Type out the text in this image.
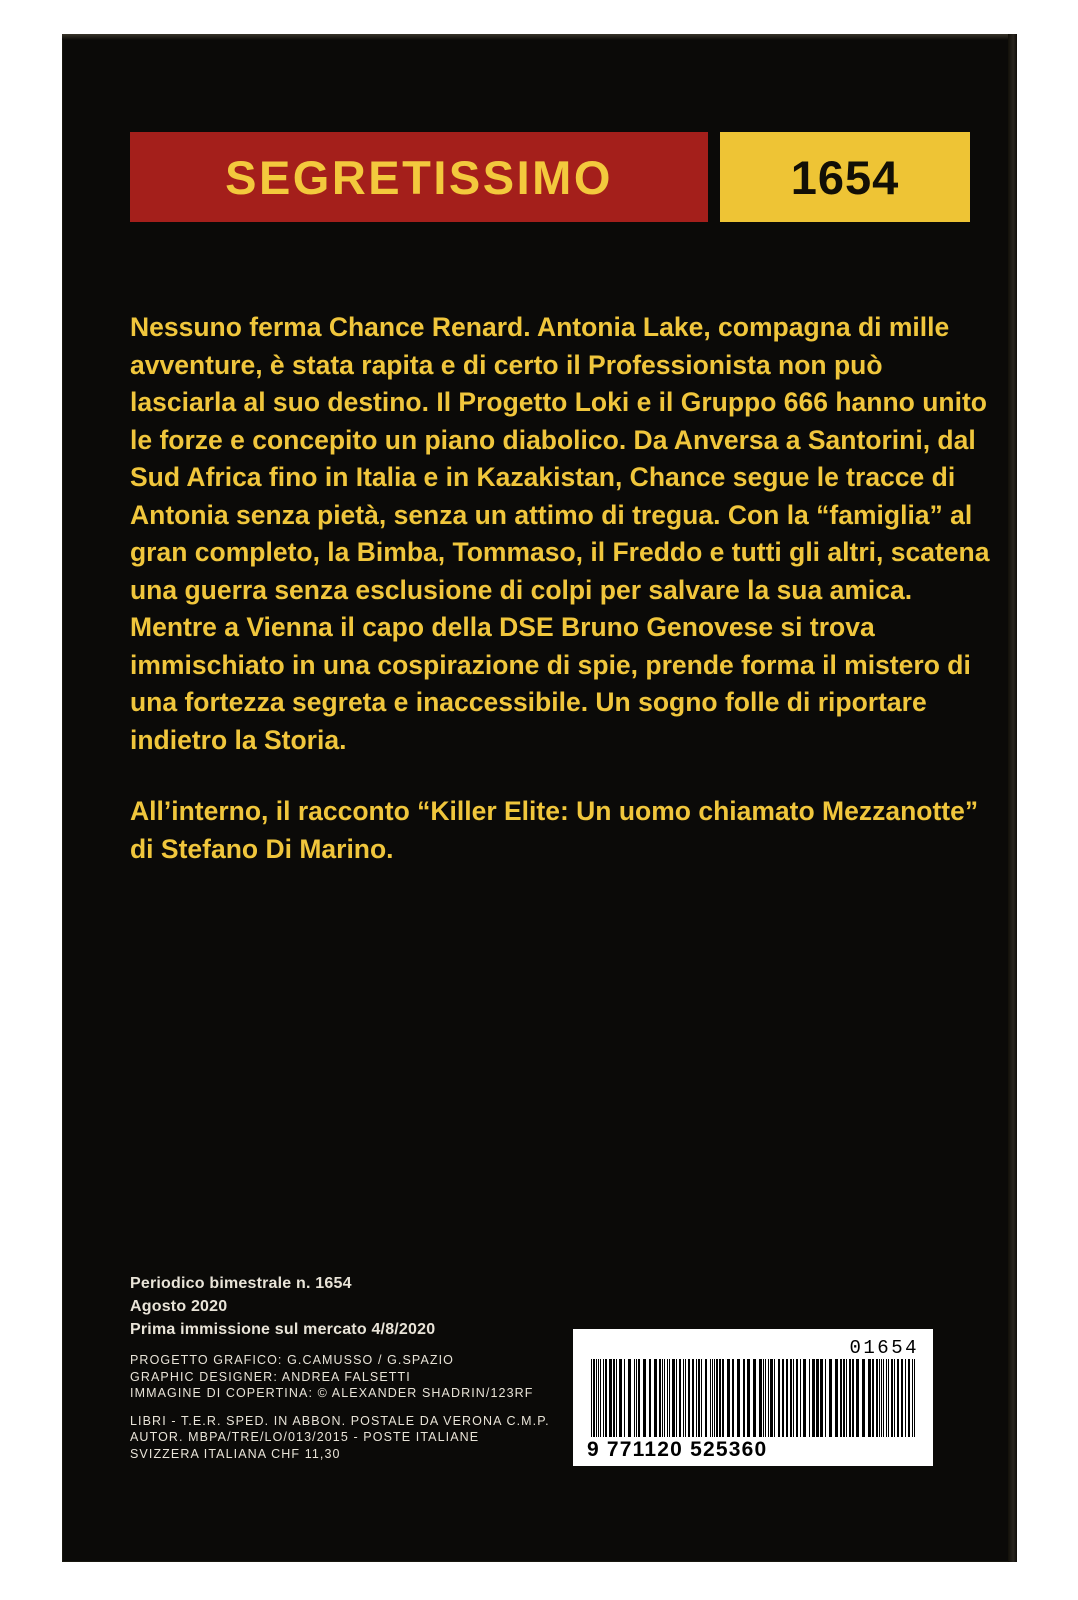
SEGRETISSIMO	1654

Nessuno ferma Chance Renard. Antonia Lake, compagna di mille avventure, è stata rapita e di certo il Professionista non può lasciarla al suo destino. Il Progetto Loki e il Gruppo 666 hanno unito le forze e concepito un piano diabolico. Da Anversa a Santorini, dal Sud Africa fino in Italia e in Kazakistan, Chance segue le tracce di Antonia senza pietà, senza un attimo di tregua. Con la “famiglia” al gran completo, la Bimba, Tommaso, il Freddo e tutti gli altri, scatena una guerra senza esclusione di colpi per salvare la sua amica. Mentre a Vienna il capo della DSE Bruno Genovese si trova immischiato in una cospirazione di spie, prende forma il mistero di una fortezza segreta e inaccessibile. Un sogno folle di riportare indietro la Storia.

All’interno, il racconto “Killer Elite: Un uomo chiamato Mezzanotte” di Stefano Di Marino.

Periodico bimestrale n. 1654
Agosto 2020
Prima immissione sul mercato 4/8/2020
PROGETTO GRAFICO: G.CAMUSSO / G.SPAZIO
GRAPHIC DESIGNER: ANDREA FALSETTI
IMMAGINE DI COPERTINA: © ALEXANDER SHADRIN/123RF
LIBRI - T.E.R. SPED. IN ABBON. POSTALE DA VERONA C.M.P.
AUTOR. MBPA/TRE/LO/013/2015 - POSTE ITALIANE
SVIZZERA ITALIANA CHF 11,30
01654
9 771120 525360
